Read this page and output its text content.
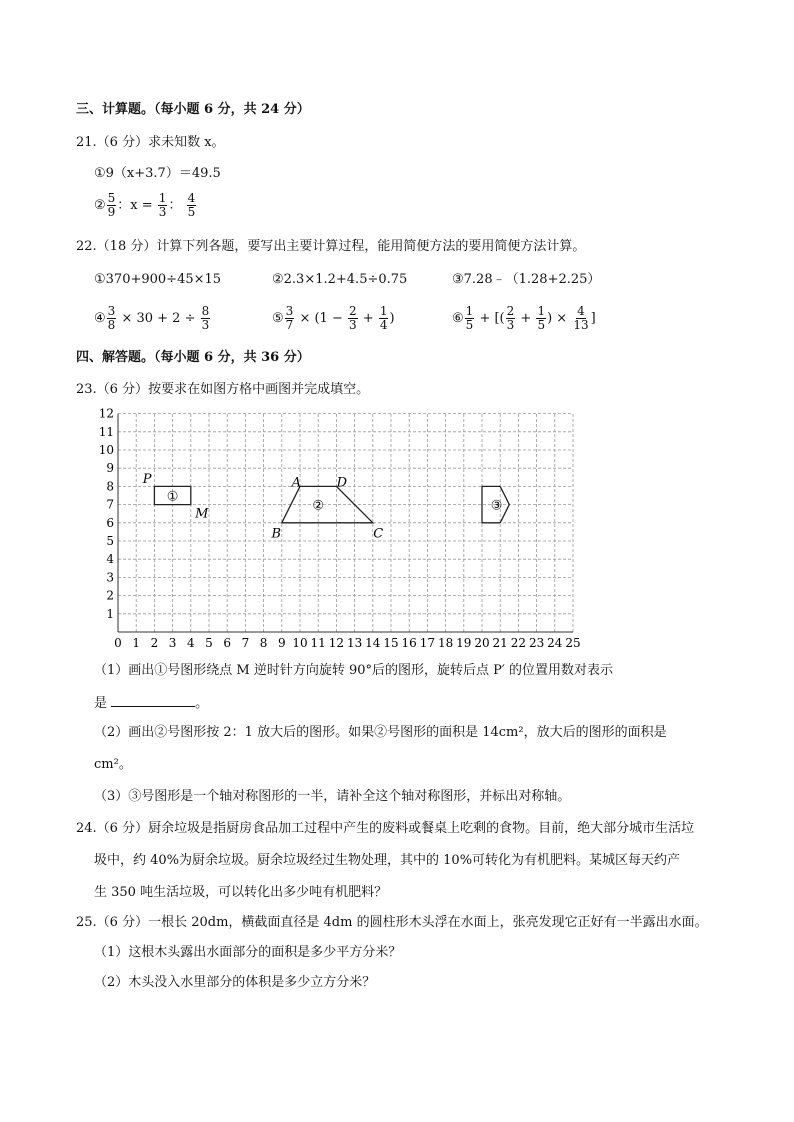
三、计算题。（每小题 6 分，共 24 分）
21.（6 分）求未知数 x。
①9（x+3.7）＝49.5
② $\frac{5}{9}$ ：$x = \frac{1}{3}$ ： $\frac{4}{5}$
22.（18 分）计算下列各题，要写出主要计算过程，能用简便方法的要用简便方法计算。
①370+900÷45×15	②2.3×1.2+4.5÷0.75	③7.28﹣（1.28+2.25）
④ $\frac{3}{8} \times 30 + 2 \div \frac{8}{3}$	⑤ $\frac{3}{7} \times (1 - \frac{2}{3} + \frac{1}{4}$ )	⑥ $\frac{1}{5}$ + [( $\frac{2}{3} + \frac{1}{5}$ ) × $\frac{4}{13}$ ]
四、解答题。（每小题 6 分，共 36 分）
23.（6 分）按要求在如图方格中画图并完成填空。
0 1 2 3 4 5 6 7 8 9 10 11 12 13 14 15 16 17 18 19 20 21 22 23 24 25
1
2
3
4
5
6
7
8
9
10
11
12
P
M
A	D
B	C
①
②	③
（1）画出①号图形绕点 M 逆时针方向旋转 90°后的图形，旋转后点 P′ 的位置用数对表示
是	。
（2）画出②号图形按 2：1 放大后的图形。如果②号图形的面积是 14cm²，放大后的图形的面积是
cm²。
（3）③号图形是一个轴对称图形的一半，请补全这个轴对称图形，并标出对称轴。
24.（6 分）厨余垃圾是指厨房食品加工过程中产生的废料或餐桌上吃剩的食物。目前，绝大部分城市生活垃
圾中，约 40%为厨余垃圾。厨余垃圾经过生物处理，其中的 10%可转化为有机肥料。某城区每天约产
生 350 吨生活垃圾，可以转化出多少吨有机肥料？
25.（6 分）一根长 20dm，横截面直径是 4dm 的圆柱形木头浮在水面上，张亮发现它正好有一半露出水面。
（1）这根木头露出水面部分的面积是多少平方分米？
（2）木头没入水里部分的体积是多少立方分米？
